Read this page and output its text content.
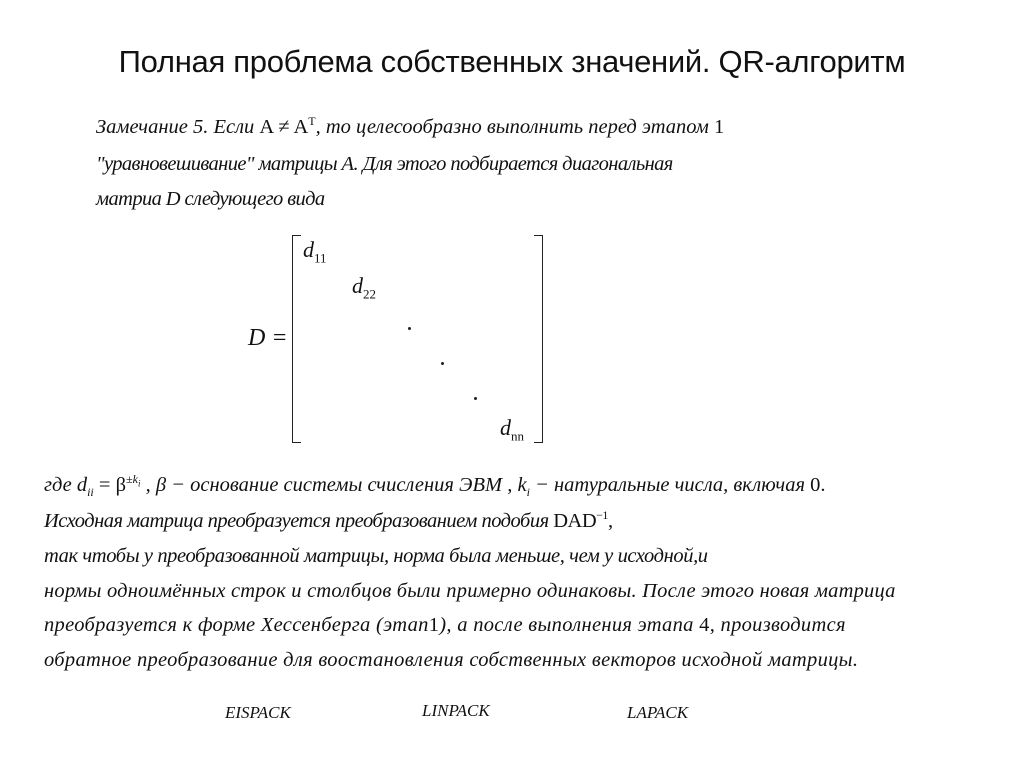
Полная проблема собственных значений. QR-алгоритм
Замечание 5. Если $A \ne A^T$, то целесообразно выполнить перед этапом 1
"уравновешивание" матрицы A. Для этого подбирается диагональная
матриа D следующего вида
D =
$d_{11}$
$d_{22}$
$d_{nn}$
где $d_{ii} = \beta^{\pm k_i}$ , β − основание системы счисления ЭВМ , $k_i$ − натуральные числа, включая 0.
Исходная матрица преобразуется преобразованием подобия $DAD^{-1}$,
так чтобы у преобразованной матрицы, норма была меньше, чем у исходной,и
нормы одноимённых строк и столбцов были примерно одинаковы. После этого новая матрица
преобразуется к форме Хессенберга (этап1), а после выполнения этапа 4, производится
обратное преобразование для воостановления собственных векторов исходной матрицы.
EISPACK	LINPACK	LAPACK
